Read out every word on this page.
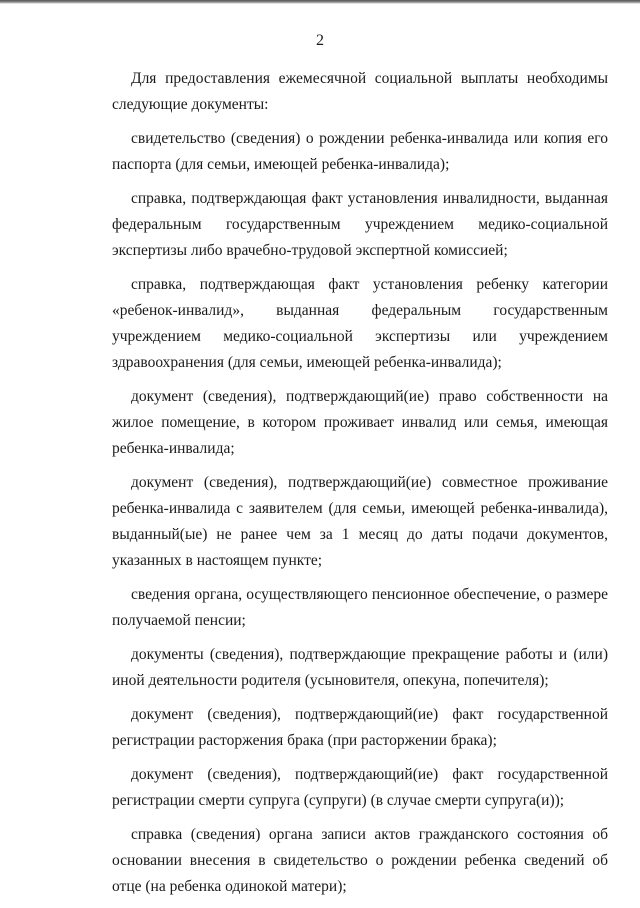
2

Для предоставления ежемесячной социальной выплаты необходимы следующие документы:

свидетельство (сведения) о рождении ребенка-инвалида или копия его паспорта (для семьи, имеющей ребенка-инвалида);

справка, подтверждающая факт установления инвалидности, выданная федеральным государственным учреждением медико-социальной экспертизы либо врачебно-трудовой экспертной комиссией;

справка, подтверждающая факт установления ребенку категории «ребенок-инвалид», выданная федеральным государственным учреждением медико-социальной экспертизы или учреждением здравоохранения (для семьи, имеющей ребенка-инвалида);

документ (сведения), подтверждающий(ие) право собственности на жилое помещение, в котором проживает инвалид или семья, имеющая ребенка-инвалида;

документ (сведения), подтверждающий(ие) совместное проживание ребенка-инвалида с заявителем (для семьи, имеющей ребенка-инвалида), выданный(ые) не ранее чем за 1 месяц до даты подачи документов, указанных в настоящем пункте;

сведения органа, осуществляющего пенсионное обеспечение, о размере получаемой пенсии;

документы (сведения), подтверждающие прекращение работы и (или) иной деятельности родителя (усыновителя, опекуна, попечителя);

документ (сведения), подтверждающий(ие) факт государственной регистрации расторжения брака (при расторжении брака);

документ (сведения), подтверждающий(ие) факт государственной регистрации смерти супруга (супруги) (в случае смерти супруга(и));

справка (сведения) органа записи актов гражданского состояния об основании внесения в свидетельство о рождении ребенка сведений об отце (на ребенка одинокой матери);
